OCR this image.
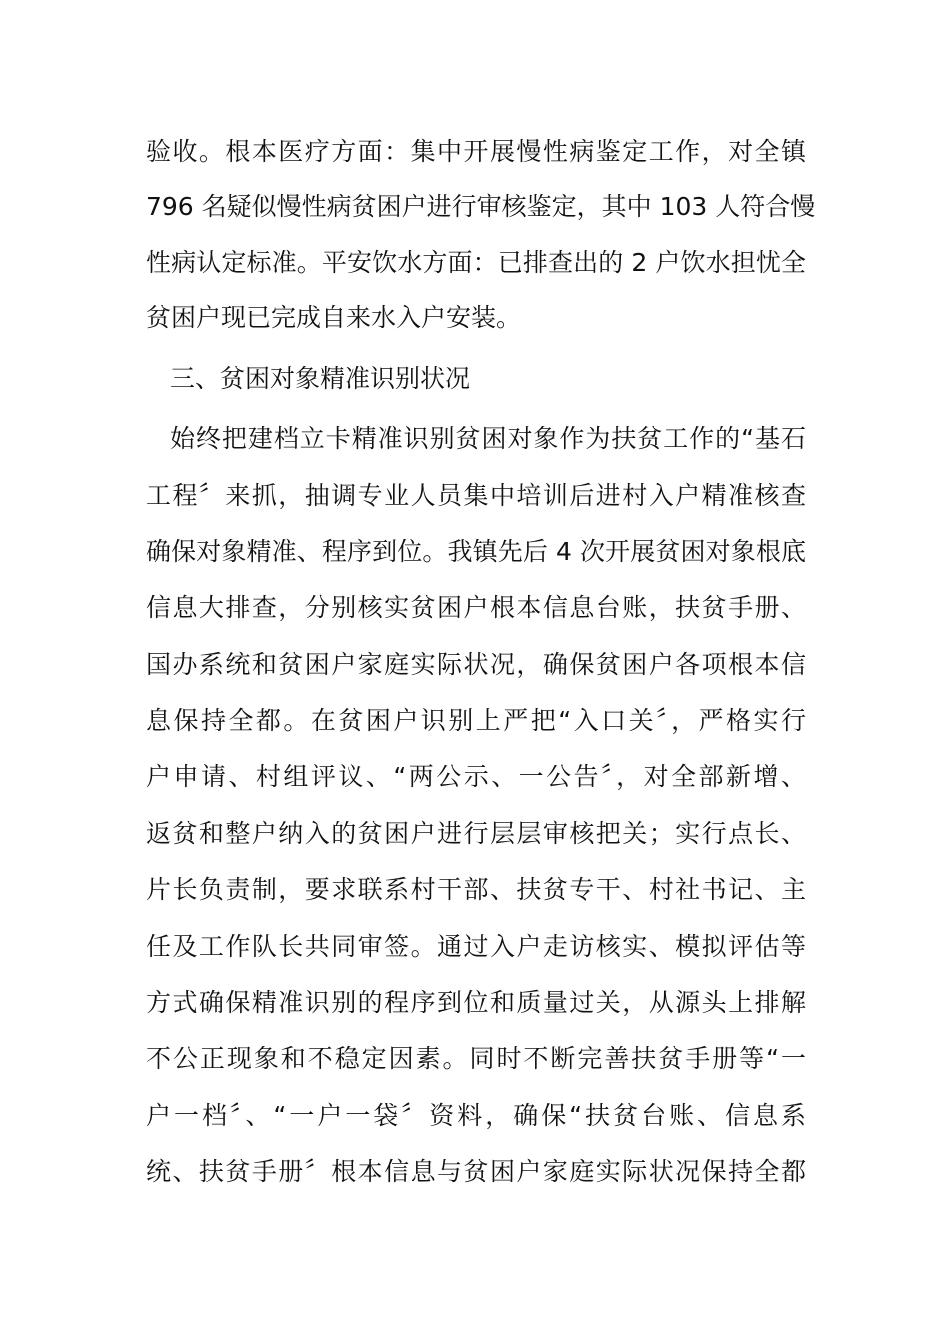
验收。根本医疗方面：集中开展慢性病鉴定工作，对全镇
796 名疑似慢性病贫困户进行审核鉴定，其中 103 人符合慢
性病认定标准。平安饮水方面：已排查出的 2 户饮水担忧全
贫困户现已完成自来水入户安装。
三、贫困对象精准识别状况
始终把建档立卡精准识别贫困对象作为扶贫工作的“基石
工程〞来抓，抽调专业人员集中培训后进村入户精准核查
确保对象精准、程序到位。我镇先后 4 次开展贫困对象根底
信息大排查，分别核实贫困户根本信息台账，扶贫手册、
国办系统和贫困户家庭实际状况，确保贫困户各项根本信
息保持全都。在贫困户识别上严把“入口关〞，严格实行
户申请、村组评议、“两公示、一公告〞，对全部新增、
返贫和整户纳入的贫困户进行层层审核把关；实行点长、
片长负责制，要求联系村干部、扶贫专干、村社书记、主
任及工作队长共同审签。通过入户走访核实、模拟评估等
方式确保精准识别的程序到位和质量过关，从源头上排解
不公正现象和不稳定因素。同时不断完善扶贫手册等“一
户一档〞、“一户一袋〞资料，确保“扶贫台账、信息系
统、扶贫手册〞根本信息与贫困户家庭实际状况保持全都
